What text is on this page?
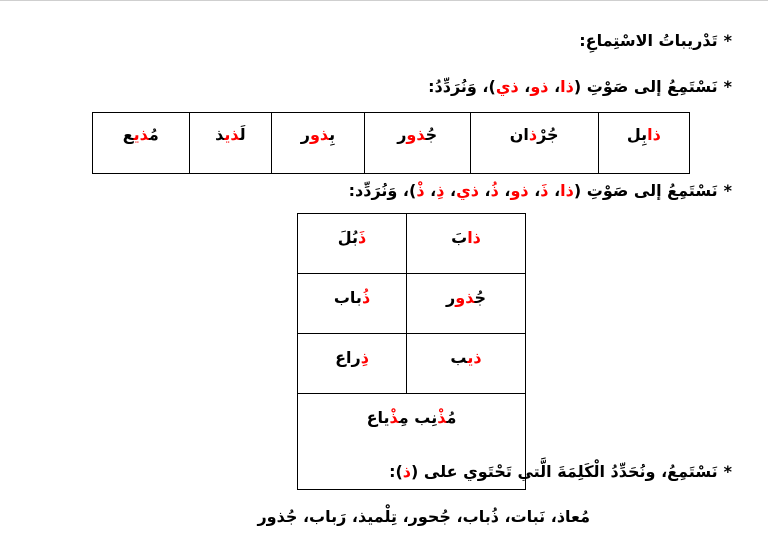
*تَدْريباتُ الاسْتِماعِ:
*نَسْتَمِعُ إلى صَوْتِ (ذا، ذو، ذي)، وَنُرَدِّدُ:
ذابِل	جُرْذان	جُذور	بِذور	لَذيذ	مُذيع
*نَسْتَمِعُ إلى صَوْتِ (ذا، ذَ، ذو، ذُ، ذي، ذِ، ذْ)، وَنُرَدِّد:
ذابَ	ذَبُلَ
جُذور	ذُباب
ذيب	ذِراع
مُذْنِب مِذْياع	
*نَسْتَمِعُ، ونُحَدِّدُ الْكَلِمَةَ الَّتي تَحْتَوي على (ذ):
مُعاذ، نَبات، ذُباب، جُحور، تِلْميذ، رَباب، جُذور
